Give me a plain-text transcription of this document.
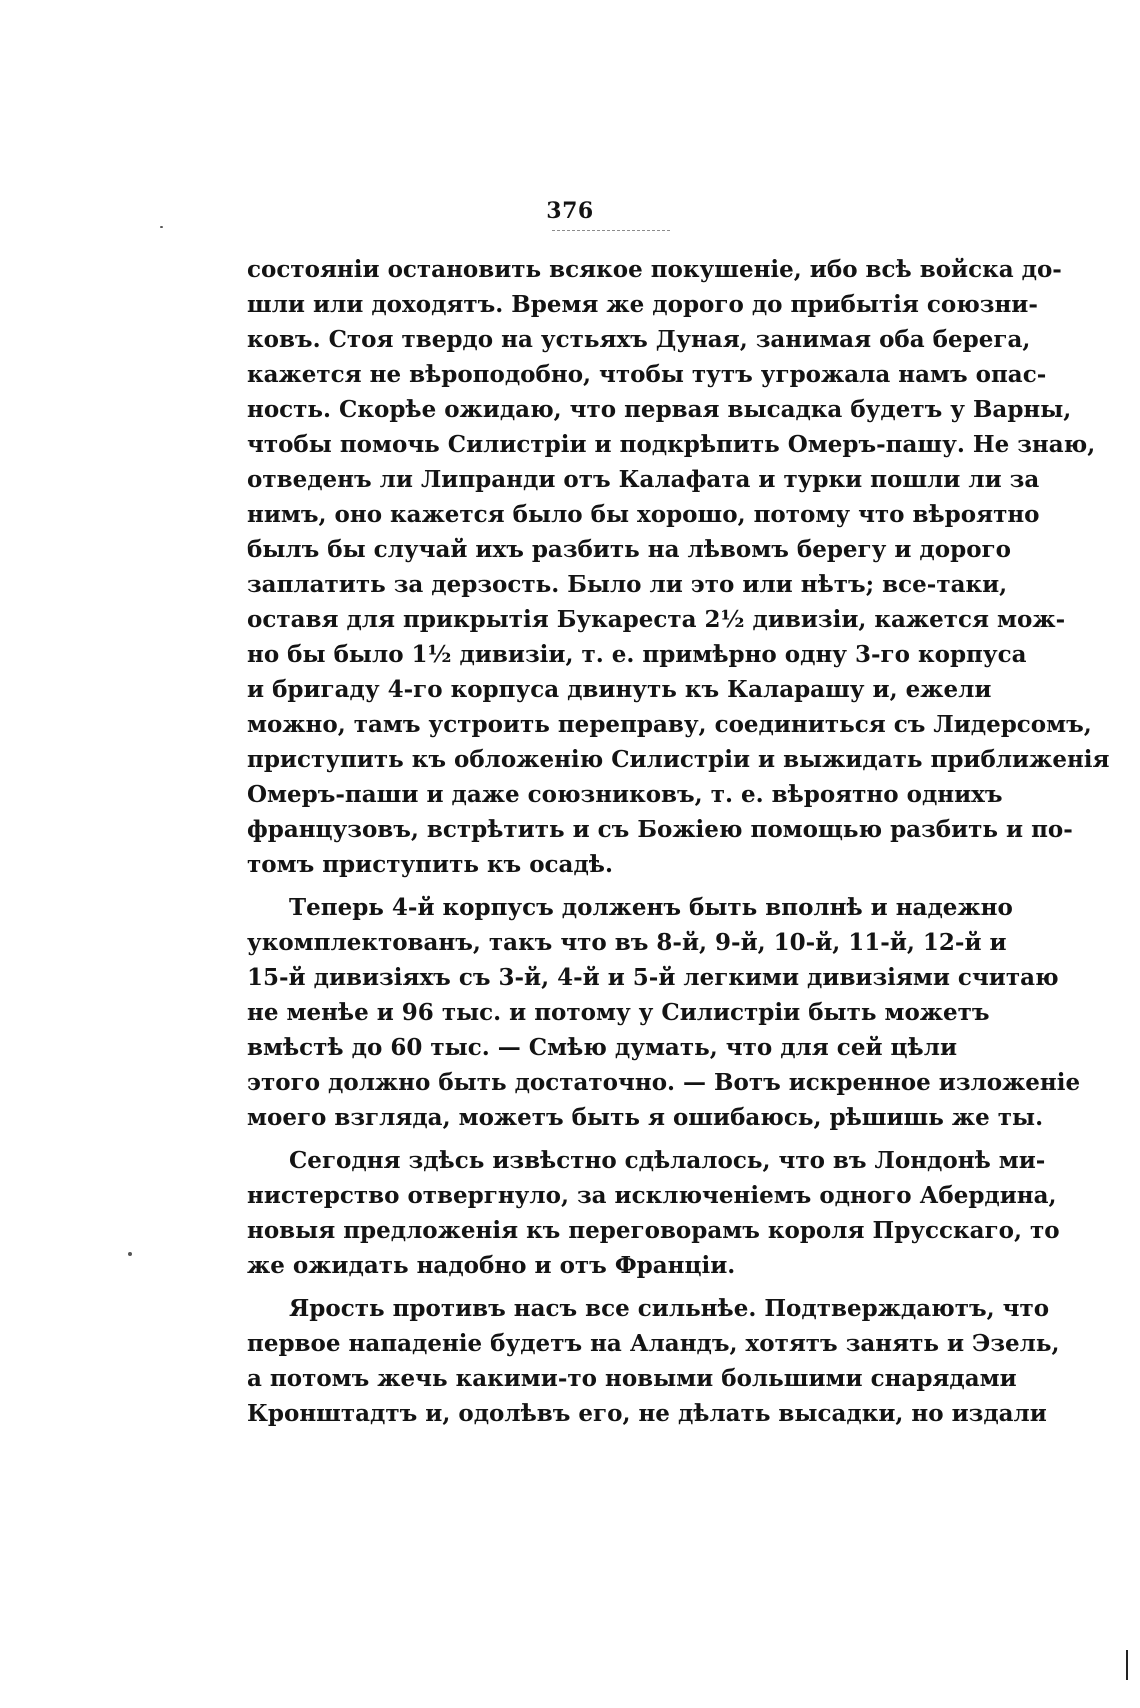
376
состоянiи остановить всякое покушенiе, ибо всѣ войска до-
шли или доходятъ. Время же дорого до прибытiя союзни-
ковъ. Стоя твердо на устьяхъ Дуная, занимая оба берега,
кажется не вѣроподобно, чтобы тутъ угрожала намъ опас-
ность. Скорѣе ожидаю, что первая высадка будетъ у Варны,
чтобы помочь Силистрiи и подкрѣпить Омеръ-пашу. Не знаю,
отведенъ ли Липранди отъ Калафата и турки пошли ли за
нимъ, оно кажется было бы хорошо, потому что вѣроятно
былъ бы случай ихъ разбить на лѣвомъ берегу и дорого
заплатить за дерзость. Было ли это или нѣтъ; все-таки,
оставя для прикрытiя Букареста 2½ дивизiи, кажется мож-
но бы было 1½ дивизiи, т. е. примѣрно одну 3-го корпуса
и бригаду 4-го корпуса двинуть къ Каларашу и, ежели
можно, тамъ устроить переправу, соединиться съ Лидерсомъ,
приступить къ обложенiю Силистрiи и выжидать приближенiя
Омеръ-паши и даже союзниковъ, т. е. вѣроятно однихъ
французовъ, встрѣтить и съ Божiею помощью разбить и по-
томъ приступить къ осадѣ.
Теперь 4-й корпусъ долженъ быть вполнѣ и надежно
укомплектованъ, такъ что въ 8-й, 9-й, 10-й, 11-й, 12-й и
15-й дивизiяхъ съ 3-й, 4-й и 5-й легкими дивизiями считаю
не менѣе и 96 тыс. и потому у Силистрiи быть можетъ
вмѣстѣ до 60 тыс. — Смѣю думать, что для сей цѣли
этого должно быть достаточно. — Вотъ искренное изложенiе
моего взгляда, можетъ быть я ошибаюсь, рѣшишь же ты.
Сегодня здѣсь извѣстно сдѣлалось, что въ Лондонѣ ми-
нистерство отвергнуло, за исключенiемъ одного Абердина,
новыя предложенiя къ переговорамъ короля Прусскаго, то
же ожидать надобно и отъ Францiи.
Ярость противъ насъ все сильнѣе. Подтверждаютъ, что
первое нападенiе будетъ на Аландъ, хотятъ занять и Эзель,
а потомъ жечь какими-то новыми большими снарядами
Кронштадтъ и, одолѣвъ его, не дѣлать высадки, но издали
